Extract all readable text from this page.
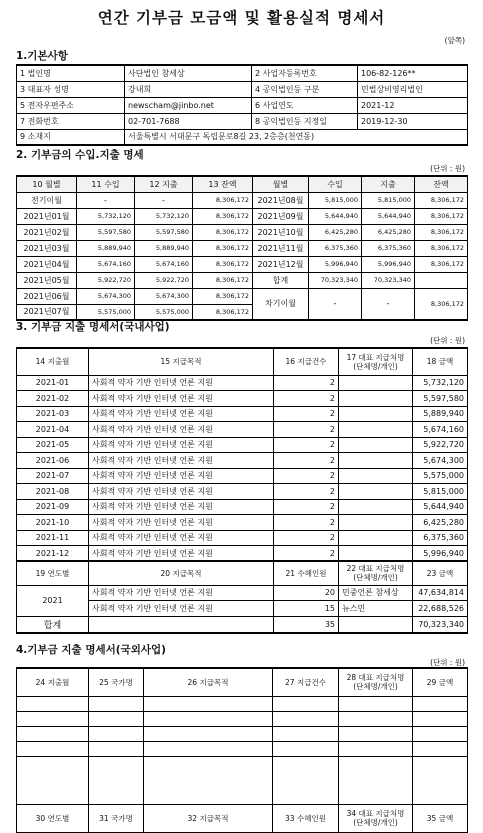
연간 기부금 모금액 및 활용실적 명세서
(앞쪽)
1.기본사항
1 법인명	사단법인 참세상	2 사업자등록번호	106-82-126**
3 대표자 성명	강내희	4 공익법인등 구분	민법상비영리법인
5 전자우편주소	newscham@jinbo.net	6 사업연도	2021-12
7 전화번호	02-701-7688	8 공익법인등 지정일	2019-12-30
9 소재지	서울특별시 서대문구 독립문로8길 23, 2층층(천연동)		
2. 기부금의 수입.지출 명세
(단위 : 원)
10 월별	11 수입	12 지출	13 잔액	월별	수입	지출	잔액
전기이월	-	-	8,306,172	2021년08월	5,815,000	5,815,000	8,306,172
2021년01월	5,732,120	5,732,120	8,306,172	2021년09월	5,644,940	5,644,940	8,306,172
2021년02월	5,597,580	5,597,580	8,306,172	2021년10월	6,425,280	6,425,280	8,306,172
2021년03월	5,889,940	5,889,940	8,306,172	2021년11월	6,375,360	6,375,360	8,306,172
2021년04월	5,674,160	5,674,160	8,306,172	2021년12월	5,996,940	5,996,940	8,306,172
2021년05월	5,922,720	5,922,720	8,306,172	합계	70,323,340	70,323,340	
2021년06월	5,674,300	5,674,300	8,306,172	차기이월	-	-	8,306,172
2021년07월	5,575,000	5,575,000	8,306,172				
3. 기부금 지출 명세서(국내사업)
(단위 : 원)
14 지출월	15 지급목적	16 지급건수	17 대표 지급처명 (단체명/개인)	18 금액
2021-01	사회적 약자 기반 인터넷 언론 지원	2		5,732,120
2021-02	사회적 약자 기반 인터넷 언론 지원	2		5,597,580
2021-03	사회적 약자 기반 인터넷 언론 지원	2		5,889,940
2021-04	사회적 약자 기반 인터넷 언론 지원	2		5,674,160
2021-05	사회적 약자 기반 인터넷 언론 지원	2		5,922,720
2021-06	사회적 약자 기반 인터넷 언론 지원	2		5,674,300
2021-07	사회적 약자 기반 인터넷 언론 지원	2		5,575,000
2021-08	사회적 약자 기반 인터넷 언론 지원	2		5,815,000
2021-09	사회적 약자 기반 인터넷 언론 지원	2		5,644,940
2021-10	사회적 약자 기반 인터넷 언론 지원	2		6,425,280
2021-11	사회적 약자 기반 인터넷 언론 지원	2		6,375,360
2021-12	사회적 약자 기반 인터넷 언론 지원	2		5,996,940
19 연도별	20 지급목적	21 수혜인원	22 대표 지급처명 (단체명/개인)	23 금액
2021	사회적 약자 기반 인터넷 언론 지원	20	민중언론 참세상	47,634,814
	사회적 약자 기반 인터넷 언론 지원	15	뉴스민	22,688,526
합계		35		70,323,340
4.기부금 지출 명세서(국외사업)
(단위 : 원)
24 지출월	25 국가명	26 지급목적	27 지급건수	28 대표 지급처명 (단체명/개인)	29 금액

30 연도별	31 국가명	32 지급목적	33 수혜인원	34 대표 지급처명 (단체명/개인)	35 금액
